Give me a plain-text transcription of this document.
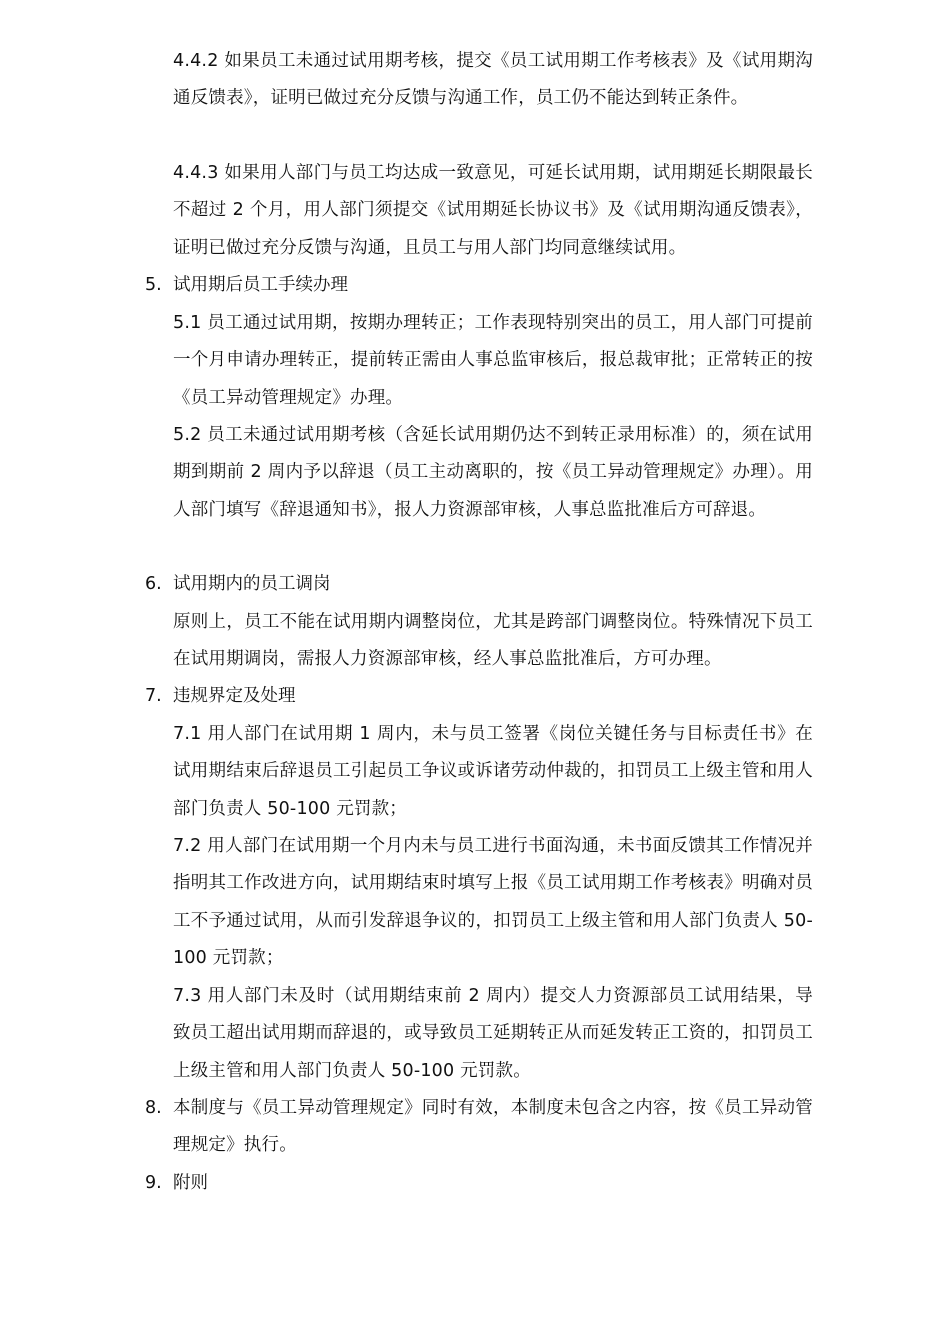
4.4.2 如果员工未通过试用期考核，提交《员工试用期工作考核表》及《试用期沟通反馈表》，证明已做过充分反馈与沟通工作，员工仍不能达到转正条件。
4.4.3 如果用人部门与员工均达成一致意见，可延长试用期，试用期延长期限最长不超过 2 个月，用人部门须提交《试用期延长协议书》及《试用期沟通反馈表》，证明已做过充分反馈与沟通，且员工与用人部门均同意继续试用。
5. 试用期后员工手续办理
5.1 员工通过试用期，按期办理转正；工作表现特别突出的员工，用人部门可提前一个月申请办理转正，提前转正需由人事总监审核后，报总裁审批；正常转正的按《员工异动管理规定》办理。
5.2 员工未通过试用期考核（含延长试用期仍达不到转正录用标准）的，须在试用期到期前 2 周内予以辞退（员工主动离职的，按《员工异动管理规定》办理）。用人部门填写《辞退通知书》，报人力资源部审核，人事总监批准后方可辞退。
6. 试用期内的员工调岗
原则上，员工不能在试用期内调整岗位，尤其是跨部门调整岗位。特殊情况下员工在试用期调岗，需报人力资源部审核，经人事总监批准后，方可办理。
7. 违规界定及处理
7.1 用人部门在试用期 1 周内，未与员工签署《岗位关键任务与目标责任书》在试用期结束后辞退员工引起员工争议或诉诸劳动仲裁的，扣罚员工上级主管和用人部门负责人 50-100 元罚款；
7.2 用人部门在试用期一个月内未与员工进行书面沟通，未书面反馈其工作情况并指明其工作改进方向，试用期结束时填写上报《员工试用期工作考核表》明确对员工不予通过试用，从而引发辞退争议的，扣罚员工上级主管和用人部门负责人 50-100 元罚款；
7.3 用人部门未及时（试用期结束前 2 周内）提交人力资源部员工试用结果，导致员工超出试用期而辞退的，或导致员工延期转正从而延发转正工资的，扣罚员工上级主管和用人部门负责人 50-100 元罚款。
8. 本制度与《员工异动管理规定》同时有效，本制度未包含之内容，按《员工异动管理规定》执行。
9. 附则
